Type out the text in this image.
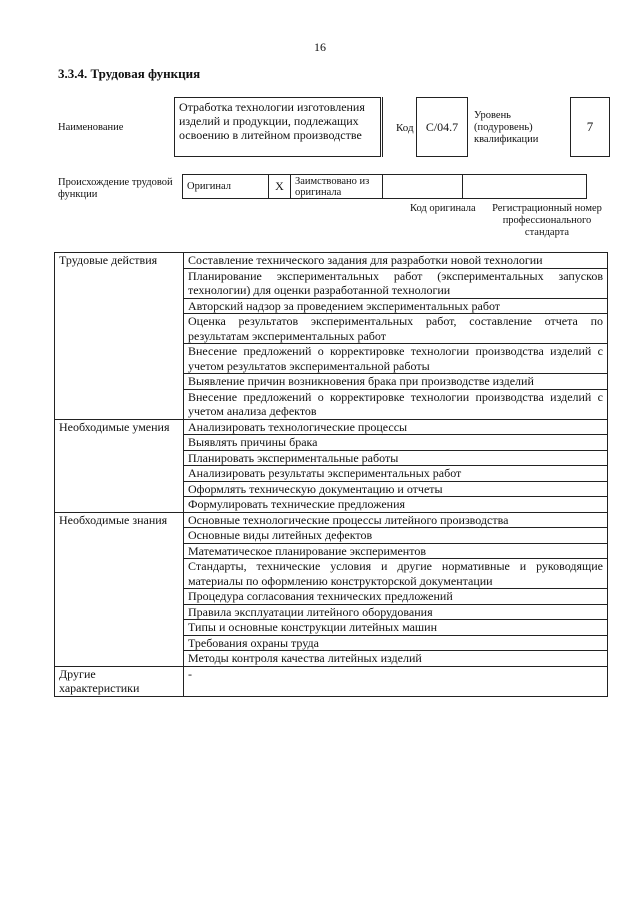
16
3.3.4. Трудовая функция
Наименование
Отработка технологии изготовления изделий и продукции, подлежащих освоению в литейном производстве	Код	C/04.7
Уровень (подуровень) квалификации
7
Происхождение трудовой функции
Оригинал	X	Заимствовано из оригинала		
Код оригинала	Регистрационный номер профессионального стандарта
Трудовые действия	Составление технического задания для разработки новой технологии
	Планирование экспериментальных работ (экспериментальных запусков технологии) для оценки разработанной технологии
	Авторский надзор за проведением экспериментальных работ
	Оценка результатов экспериментальных работ, составление отчета по результатам экспериментальных работ
	Внесение предложений о корректировке технологии производства изделий с учетом результатов экспериментальной работы
	Выявление причин возникновения брака при производстве изделий
	Внесение предложений о корректировке технологии производства изделий с учетом анализа дефектов
Необходимые умения	Анализировать технологические процессы
	Выявлять причины брака
	Планировать экспериментальные работы
	Анализировать результаты экспериментальных работ
	Оформлять техническую документацию и отчеты
	Формулировать технические предложения
Необходимые знания	Основные технологические процессы литейного производства
	Основные виды литейных дефектов
	Математическое планирование экспериментов
	Стандарты, технические условия и другие нормативные и руководящие материалы по оформлению конструкторской документации
	Процедура согласования технических предложений
	Правила эксплуатации литейного оборудования
	Типы и основные конструкции литейных машин
	Требования охраны труда
	Методы контроля качества литейных изделий
Другие характеристики	-
